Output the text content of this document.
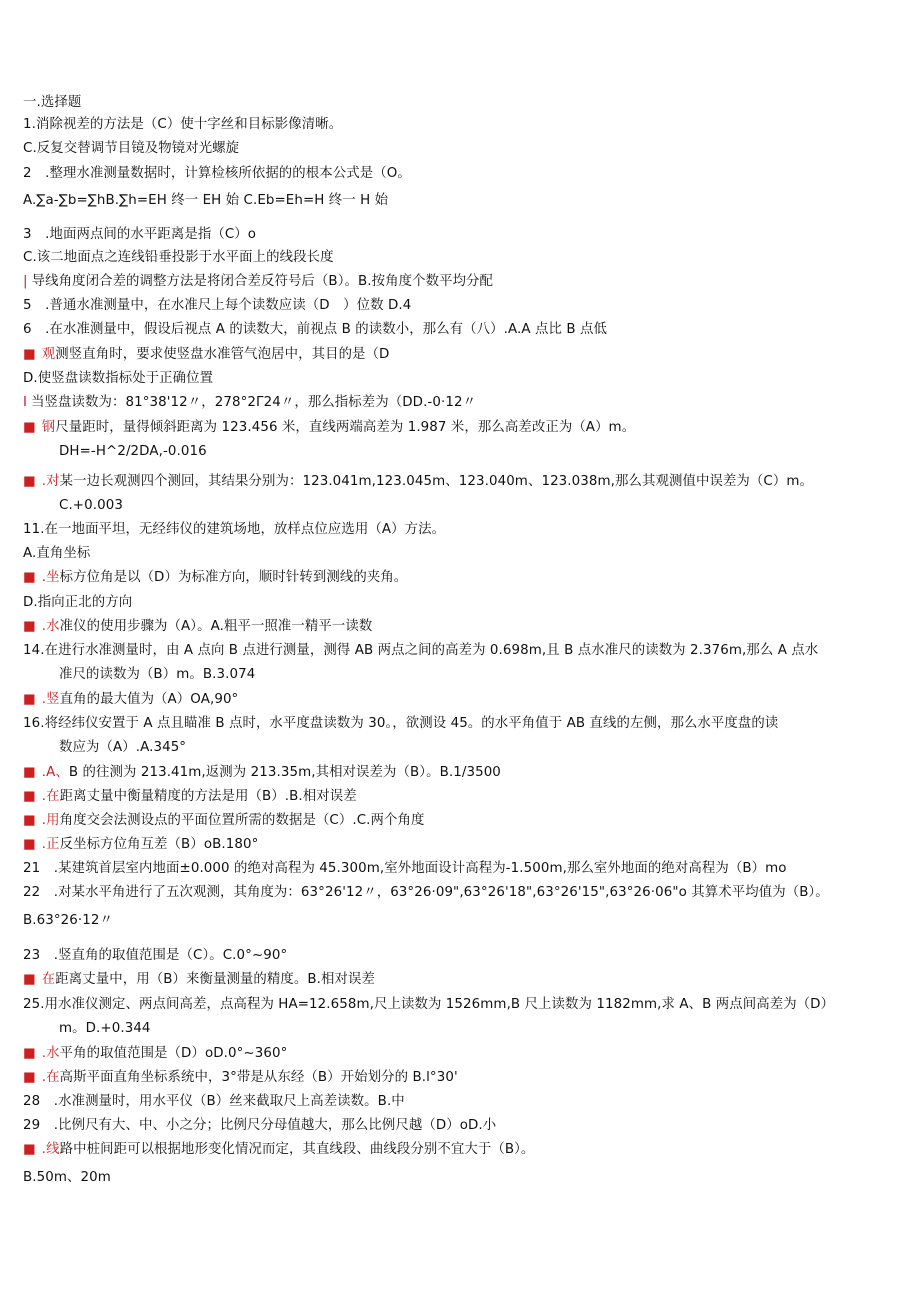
一.选择题
1.消除视差的方法是（C）使十字丝和目标影像清晰。
C.反复交替调节目镜及物镜对光螺旋
2　.整理水准测量数据时，计算检核所依据的的根本公式是（O。
A.∑a-∑b=∑hB.∑h=EH 终一 EH 始 C.Eb=Eh=H 终一 H 始
3　.地面两点间的水平距离是指（C）o
C.该二地面点之连线铅垂投影于水平面上的线段长度
| 导线角度闭合差的调整方法是将闭合差反符号后（B）。B.按角度个数平均分配
5　.普通水准测量中，在水准尺上每个读数应读（D　）位数 D.4
6　.在水准测量中，假设后视点 A 的读数大，前视点 B 的读数小，那么有（八）.A.A 点比 B 点低
■ 观测竖直角时，要求使竖盘水准管气泡居中，其目的是（D
D.使竖盘读数指标处于正确位置
I 当竖盘读数为：81°38'12〃，278°2Γ24〃，那么指标差为（DD.-0·12〃
■ 钢尺量距时，量得倾斜距离为 123.456 米，直线两端高差为 1.987 米，那么高差改正为（A）m。
DH=-H^2/2DA,-0.016
■ .对某一边长观测四个测回，其结果分别为：123.041m,123.045m、123.040m、123.038m,那么其观测值中误差为（C）m。
C.+0.003
11.在一地面平坦，无经纬仪的建筑场地，放样点位应选用（A）方法。
A.直角坐标
■ .坐标方位角是以（D）为标准方向，顺时针转到测线的夹角。
D.指向正北的方向
■ .水准仪的使用步骤为（A）。A.粗平一照准一精平一读数
14.在进行水准测量时，由 A 点向 B 点进行测量，测得 AB 两点之间的高差为 0.698m,且 B 点水准尺的读数为 2.376m,那么 A 点水
准尺的读数为（B）m。B.3.074
■ .竖直角的最大值为（A）OA,90°
16.将经纬仪安置于 A 点且瞄准 B 点时，水平度盘读数为 30。，欲测设 45。的水平角值于 AB 直线的左侧，那么水平度盘的读
数应为（A）.A.345°
■ .A、B 的往测为 213.41m,返测为 213.35m,其相对误差为（B）。B.1/3500
■ .在距离丈量中衡量精度的方法是用（B）.B.相对误差
■ .用角度交会法测设点的平面位置所需的数据是（C）.C.两个角度
■ .正反坐标方位角互差（B）oB.180°
21　.某建筑首层室内地面±0.000 的绝对高程为 45.300m,室外地面设计高程为-1.500m,那么室外地面的绝对高程为（B）mo
22　.对某水平角进行了五次观测，其角度为：63°26'12〃，63°26·09",63°26'18",63°26'15",63°26·06"o 其算术平均值为（B）。
B.63°26·12〃
23　.竖直角的取值范围是（C）。C.0°~90°
■ 在距离丈量中，用（B）来衡量测量的精度。B.相对误差
25.用水准仪测定、两点间高差，点高程为 HA=12.658m,尺上读数为 1526mm,B 尺上读数为 1182mm,求 A、B 两点间高差为（D）
m。D.+0.344
■ .水平角的取值范围是（D）oD.0°~360°
■ .在高斯平面直角坐标系统中，3°带是从东经（B）开始划分的 B.l°30'
28　.水准测量时，用水平仪（B）丝来截取尺上高差读数。B.中
29　.比例尺有大、中、小之分；比例尺分母值越大，那么比例尺越（D）oD.小
■ .线路中桩间距可以根据地形变化情况而定，其直线段、曲线段分别不宜大于（B）。
B.50m、20m
